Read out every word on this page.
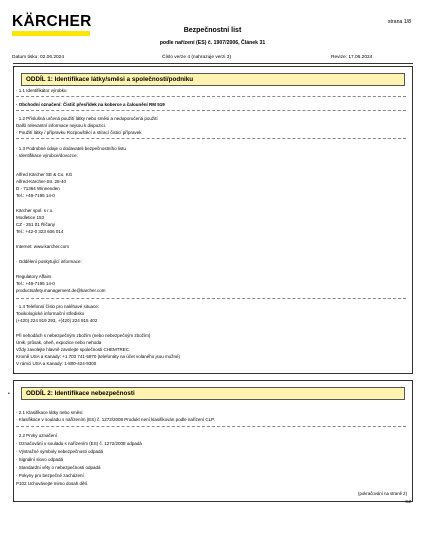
KÄRCHER	strana 1/8
Bezpečnostní list
podle nařízení (ES) č. 1907/2006, Článek 31
Datum tisku: 02.06.2024	Číslo verze 4 (nahrazuje verzi 3)	Revize: 17.06.2024
ODDÍL 1: Identifikace látky/směsi a společnosti/podniku
· 1.1 Identifikátor výrobku
· Obchodní označení: Čistič přesřídek na koberce a čalounění RM 519
· 1.2 Příslušná určená použití látky nebo směsi a nedoporučená použití
Další relevantní informace nejsou k dispozici.
· Použití látky / přípravku Rozpouštěcí a stírací čisticí přípravek
· 1.3 Podrobné údaje o dodavateli bezpečnostního listu
· Identifikace výrobce/dovozce:
Alfred Kärcher SE & Co. KG
Alfred-Kärcher-Str. 28-40
D - 71364 Winnenden
Tel.: +49-7195 14-0
Kärcher spol. s r.o.
Modletice 153
CZ - 251 01 Říčany
Tel.: +42-0 323 606 014
Internet: www.karcher.com
· Oddělení poskytující informace:
Regulatory Affairs
Tel.: +49-7195 14-0
productsafety.management.de@karcher.com
· 1.4 Telefonní číslo pro naléhavé situace:
Toxikologické informační středisko
(+420) 224 919 293, +(420) 224 915 402
Při nehodách s nebezpečným zbožím (nebo nebezpečným zbožím)
Únik, průsak, oheň, expozice nebo nehoda
Vždy zavolejte hlavně zavolejte společnosti CHEMTREC.
Kromě USA a Kanady: +1 703 741-5970 (telefonáty na účet volaného jsou možné)
V rámci USA a Kanady: 1-800-424-9300
•	ODDÍL 2: Identifikace nebezpečnosti
· 2.1 Klasifikace látky nebo směsi
· Klasifikace v souladu s nařízením (ES) č. 1272/2008 Produkt není klasifikován podle nařízení CLP.
· 2.2 Prvky označení
· Označování v souladu s nařízením (ES) č. 1272/2008 odpadá
· Výstražné symboly nebezpečnosti odpadá
· Signální slovo odpadá
· Standardní věty o nebezpečnosti odpadá
· Pokyny pro bezpečné zacházení
P102 Uchovávejte mimo dosah dětí.
(pokračování na straně 2)
CZ
